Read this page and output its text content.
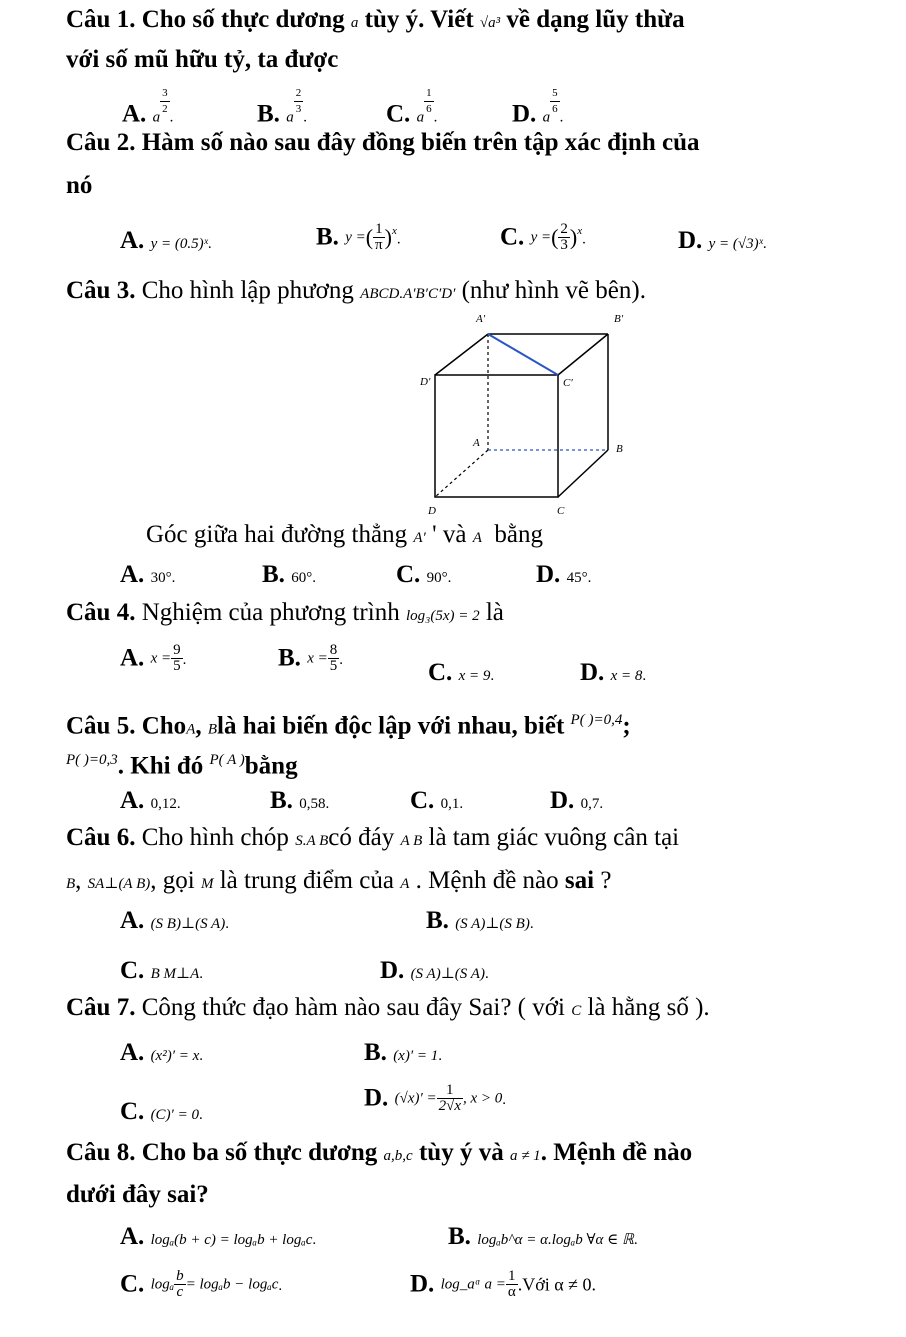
Câu 1. Cho số thực dương a tùy ý. Viết √a³ về dạng lũy thừa
với số mũ hữu tỷ, ta được
A. a
$\frac{3}{2}$
.	B. a
$\frac{2}{3}$
.	C. a
$\frac{1}{6}$
.	D. a
$\frac{5}{6}$
.
Câu 2. Hàm số nào sau đây đồng biến trên tập xác định của
nó
A. y = (0.5)ˣ.	B. y =( $\frac{1}{\pi} )^x$.	C. y =( $\frac{2}{3} )^x$.	D. y = (√3)ˣ.
Câu 3. Cho hình lập phương ABCD.A′B′C′D′ (như hình vẽ bên).
A′	B′
D′	C′
A	B
D	C
Góc giữa hai đường thẳng A′ ' và A bằng
A. 30°.	B. 60°.	C. 90°.	D. 45°.
Câu 4. Nghiệm của phương trình log₃(5x) = 2 là
A. $x = \frac{9}{5}$ .	B. $x = \frac{8}{5}$ .	C. x = 9.	D. x = 8.
Câu 5. ChoA, Blà hai biến độc lập với nhau, biết $^{P( )=0,4}$;
$^{P( )=0,3}$. Khi đó $^{P( A )}$bằng
A. 0,12.	B. 0,58.	C. 0,1.	D. 0,7.
Câu 6. Cho hình chóp S.A Bcó đáy A B là tam giác vuông cân tại
B, SA⊥(A B), gọi M là trung điểm của A . Mệnh đề nào sai ?
A. (S B)⊥(S A).	B. (S A)⊥(S B).
C. B M⊥A.	D. (S A)⊥(S A).
Câu 7. Công thức đạo hàm nào sau đây Sai? ( với C là hằng số ).
A. (x²)′ = x.	B. (x)′ = 1.
C. (C)′ = 0.
D. $(√x)' = \frac{1}{2√x}$ , x > 0.
Câu 8. Cho ba số thực dương a,b,c tùy ý và a ≠ 1. Mệnh đề nào
dưới đây sai?
A. logₐ(b + c) = logₐb + logₐc.	B. logₐb^α = α.logₐb ∀α ∈ ℝ.
C. logₐ $\frac{b}{c} = \log_ab - \log_ac$.	D. log_aᵅ $a = \frac{1}{\alpha}$ .Với α ≠ 0.
